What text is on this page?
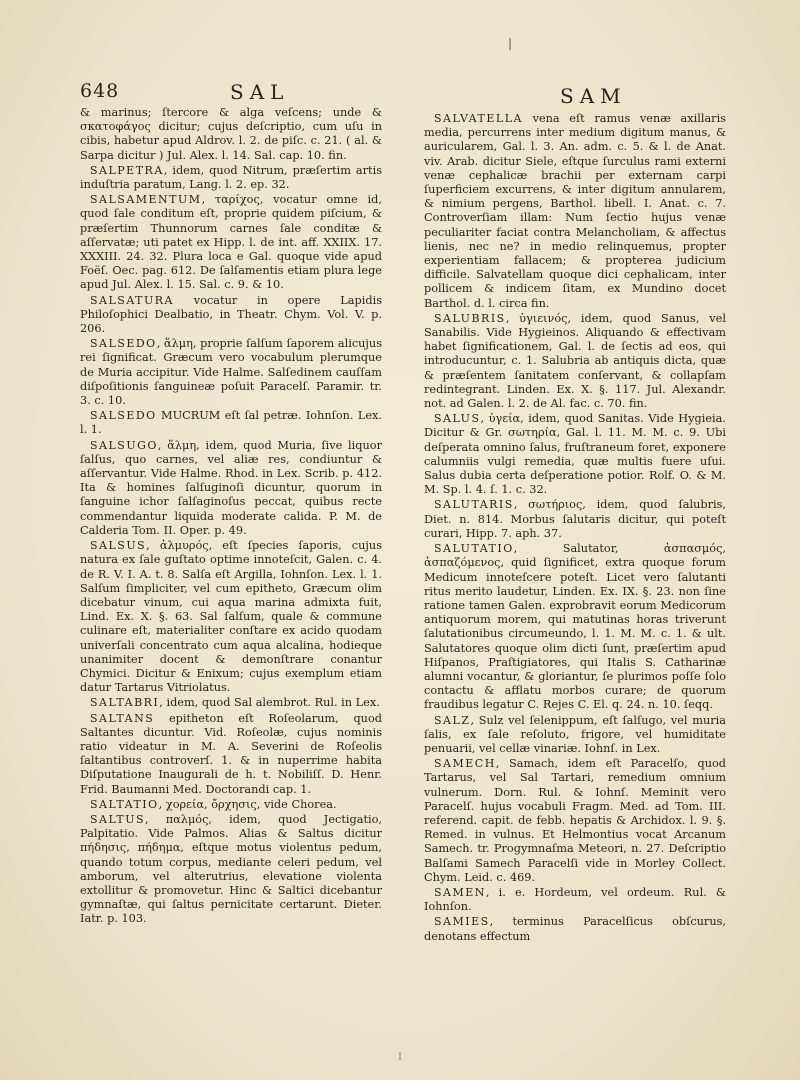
|
648	SAL	SAM

& marinus; ſtercore & alga veſcens; unde & σκατοφάγος dicitur; cujus deſcriptio, cum uſu in cibis, habetur apud Aldrov. l. 2. de piſc. c. 21. ( al. & Sarpa dicitur ) Jul. Alex. l. 14. Sal. cap. 10. fin.

SALPETRA, idem, quod Nitrum, præſertim artis induſtria paratum, Lang. l. 2. ep. 32.

SALSAMENTUM, ταρίχος, vocatur omne id, quod ſale conditum eſt, proprie quidem piſcium, & præſertim Thunnorum carnes ſale conditæ & aſſervatæ; uti patet ex Hipp. l. de int. aff. XXIIX. 17. XXXIII. 24. 32. Plura loca e Gal. quoque vide apud Foëſ. Oec. pag. 612. De ſalſamentis etiam plura lege apud Jul. Alex. l. 15. Sal. c. 9. & 10.

SALSATURA vocatur in opere Lapidis Philoſophici Dealbatio, in Theatr. Chym. Vol. V. p. 206.

SALSEDO, ἅλμη, proprie ſalſum ſaporem alicujus rei ſignificat. Græcum vero vocabulum plerumque de Muria accipitur. Vide Halme. Salſedinem cauſſam diſpoſitionis ſanguineæ poſuit Paracelſ. Paramir. tr. 3. c. 10.

SALSEDO MUCRUM eſt ſal petræ. Iohnſon. Lex. l. 1.

SALSUGO, ἅλμη, idem, quod Muria, ſive liquor ſalſus, quo carnes, vel aliæ res, condiuntur & aſſervantur. Vide Halme. Rhod. in Lex. Scrib. p. 412. Ita & homines ſalſuginoſi dicuntur, quorum in ſanguine ichor ſalſaginoſus peccat, quibus recte commendantur liquida moderate calida. P. M. de Calderia Tom. II. Oper. p. 49.

SALSUS, ἁλμυρός, eſt ſpecies ſaporis, cujus natura ex ſale guſtato optime innoteſcit, Galen. c. 4. de R. V. I. A. t. 8. Salſa eſt Argilla, Iohnſon. Lex. l. 1. Salſum ſimpliciter, vel cum epitheto, Græcum olim dicebatur vinum, cui aqua marina admixta fuit, Lind. Ex. X. §. 63. Sal ſalſum, quale & commune culinare eſt, materialiter conſtare ex acido quodam univerſali concentrato cum aqua alcalina, hodieque unanimiter docent & demonſtrare conantur Chymici. Dicitur & Enixum; cujus exemplum etiam datur Tartarus Vitriolatus.

SALTABRI, idem, quod Sal alembrot. Rul. in Lex.

SALTANS epitheton eſt Roſeolarum, quod Saltantes dicuntur. Vid. Roſeolæ, cujus nominis ratio videatur in M. A. Severini de Roſeolis ſaltantibus controverſ. 1. & in nuperrime habita Diſputatione Inaugurali de h. t. Nobiliſſ. D. Henr. Frid. Baumanni Med. Doctorandi cap. 1.

SALTATIO, χορεία, ὄρχησις, vide Chorea.

SALTUS, παλμός, idem, quod Jectigatio, Palpitatio. Vide Palmos. Alias & Saltus dicitur πήδησις, πήδημα, eſtque motus violentus pedum, quando totum corpus, mediante celeri pedum, vel amborum, vel alterutrius, elevatione violenta extollitur & promovetur. Hinc & Saltici dicebantur gymnaſtæ, qui ſaltus pernicitate certarunt. Dieter. Iatr. p. 103.

SALVATELLA vena eſt ramus venæ axillaris media, percurrens inter medium digitum manus, & auricularem, Gal. l. 3. An. adm. c. 5. & l. de Anat. viv. Arab. dicitur Siele, eſtque ſurculus rami externi venæ cephalicæ brachii per externam carpi ſuperficiem excurrens, & inter digitum annularem, & nimium pergens, Barthol. libell. I. Anat. c. 7. Controverſiam illam: Num ſectio hujus venæ peculiariter faciat contra Melancholiam, & affectus lienis, nec ne? in medio relinquemus, propter experientiam fallacem; & propterea judicium difficile. Salvatellam quoque dici cephalicam, inter pollicem & indicem ſitam, ex Mundino docet Barthol. d. l. circa fin.

SALUBRIS, ὑγιεινός, idem, quod Sanus, vel Sanabilis. Vide Hygieinos. Aliquando & effectivam habet ſignificationem, Gal. l. de ſectis ad eos, qui introducuntur, c. 1. Salubria ab antiquis dicta, quæ & præſentem ſanitatem conſervant, & collapſam redintegrant. Linden. Ex. X. §. 117. Jul. Alexandr. not. ad Galen. l. 2. de Al. fac. c. 70. fin.

SALUS, ὑγεία, idem, quod Sanitas. Vide Hygieia. Dicitur & Gr. σωτηρία, Gal. l. 11. M. M. c. 9. Ubi deſperata omnino ſalus, fruſtraneum foret, exponere calumniis vulgi remedia, quæ multis fuere uſui. Salus dubia certa deſperatione potior. Rolf. O. & M. M. Sp. l. 4. ſ. 1. c. 32.

SALUTARIS, σωτήριος, idem, quod ſalubris, Diet. n. 814. Morbus ſalutaris dicitur, qui poteſt curari, Hipp. 7. aph. 37.

SALUTATIO, Salutator, ἀσπασμός, ἀσπαζόμενος, quid ſignificet, extra quoque forum Medicum innoteſcere poteſt. Licet vero ſalutanti ritus merito laudetur, Linden. Ex. IX. §. 23. non ſine ratione tamen Galen. exprobravit eorum Medicorum antiquorum morem, qui matutinas horas triverunt ſalutationibus circumeundo, l. 1. M. M. c. 1. & ult. Salutatores quoque olim dicti ſunt, præſertim apud Hiſpanos, Praſtigiatores, qui Italis S. Catharinæ alumni vocantur, & gloriantur, ſe plurimos poſſe ſolo contactu & afflatu morbos curare; de quorum fraudibus legatur C. Rejes C. El. q. 24. n. 10. ſeqq.

SALZ, Sulz vel ſelenippum, eſt ſalſugo, vel muria ſalis, ex ſale reſoluto, frigore, vel humiditate penuarii, vel cellæ vinariæ. Iohnſ. in Lex.

SAMECH, Samach, idem eſt Paracelſo, quod Tartarus, vel Sal Tartari, remedium omnium vulnerum. Dorn. Rul. & Iohnſ. Meminit vero Paracelſ. hujus vocabuli Fragm. Med. ad Tom. III. referend. capit. de febb. hepatis & Archidox. l. 9. §. Remed. in vulnus. Et Helmontius vocat Arcanum Samech. tr. Progymnaſma Meteori, n. 27. Deſcriptio Balſami Samech Paracelſi vide in Morley Collect. Chym. Leid. c. 469.

SAMEN, i. e. Hordeum, vel ordeum. Rul. & Iohnſon.

SAMIES, terminus Paracelſicus obſcurus, denotans effectum

I
